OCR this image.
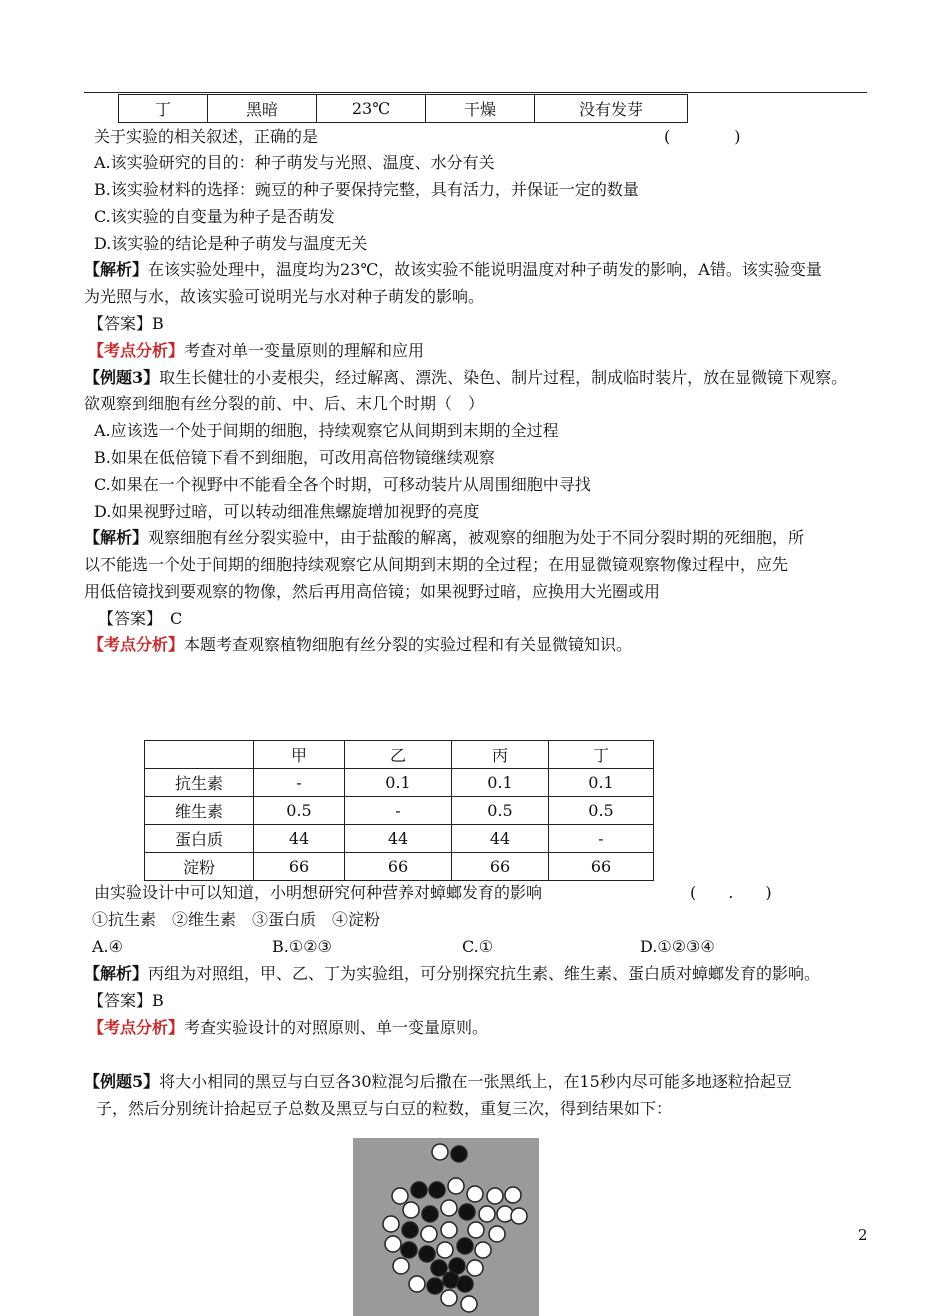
丁	黑暗	23℃	干燥	没有发芽
关于实验的相关叙述，正确的是	(　　　　)
A.该实验研究的目的：种子萌发与光照、温度、水分有关
B.该实验材料的选择：豌豆的种子要保持完整，具有活力，并保证一定的数量
C.该实验的自变量为种子是否萌发
D.该实验的结论是种子萌发与温度无关
【解析】在该实验处理中，温度均为23℃，故该实验不能说明温度对种子萌发的影响，A错。该实验变量
为光照与水，故该实验可说明光与水对种子萌发的影响。
【答案】B
【考点分析】考查对单一变量原则的理解和应用
【例题3】取生长健壮的小麦根尖，经过解离、漂洗、染色、制片过程，制成临时装片，放在显微镜下观察。
欲观察到细胞有丝分裂的前、中、后、末几个时期（　）
A.应该选一个处于间期的细胞，持续观察它从间期到末期的全过程
B.如果在低倍镜下看不到细胞，可改用高倍物镜继续观察
C.如果在一个视野中不能看全各个时期，可移动装片从周围细胞中寻找
D.如果视野过暗，可以转动细准焦螺旋增加视野的亮度
【解析】观察细胞有丝分裂实验中，由于盐酸的解离，被观察的细胞为处于不同分裂时期的死细胞，所
以不能选一个处于间期的细胞持续观察它从间期到末期的全过程；在用显微镜观察物像过程中，应先
用低倍镜找到要观察的物像，然后再用高倍镜；如果视野过暗，应换用大光圈或用
【答案】　C
【考点分析】本题考查观察植物细胞有丝分裂的实验过程和有关显微镜知识。
	甲	乙	丙	丁
抗生素	-	0.1	0.1	0.1
维生素	0.5	-	0.5	0.5
蛋白质	44	44	44	-
淀粉	66	66	66	66
由实验设计中可以知道，小明想研究何种营养对蟑螂发育的影响	(　　.　　)
①抗生素　②维生素　③蛋白质　④淀粉
A.④	B.①②③	C.①	D.①②③④
【解析】丙组为对照组，甲、乙、丁为实验组，可分别探究抗生素、维生素、蛋白质对蟑螂发育的影响。
【答案】B
【考点分析】考查实验设计的对照原则、单一变量原则。
【例题5】将大小相同的黑豆与白豆各30粒混匀后撒在一张黑纸上，在15秒内尽可能多地逐粒拾起豆
子，然后分别统计拾起豆子总数及黑豆与白豆的粒数，重复三次，得到结果如下：
2
